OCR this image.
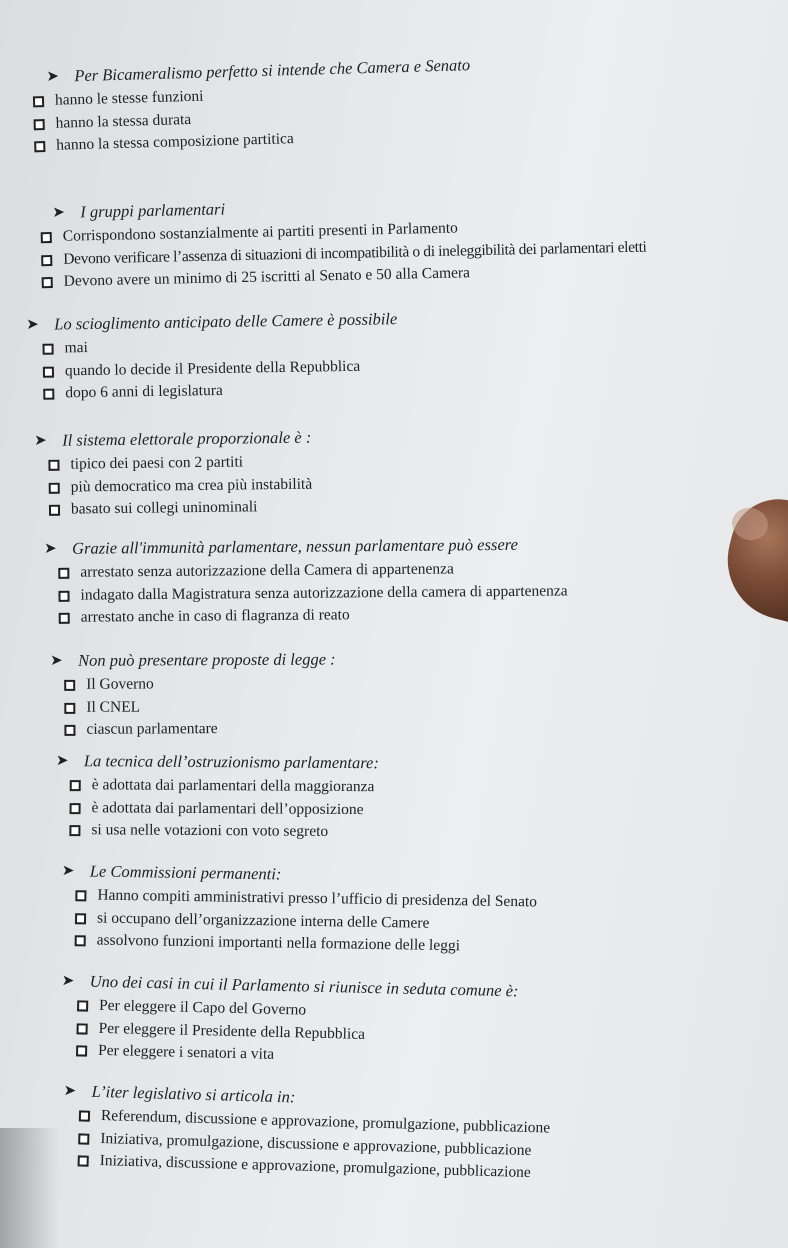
➤ Per Bicameralismo perfetto si intende che Camera e Senato
hanno le stesse funzioni
hanno la stessa durata
hanno la stessa composizione partitica
➤ I gruppi parlamentari
Corrispondono sostanzialmente ai partiti presenti in Parlamento
Devono verificare l’assenza di situazioni di incompatibilità o di ineleggibilità dei parlamentari eletti
Devono avere un minimo di 25 iscritti al Senato e 50 alla Camera
➤ Lo scioglimento anticipato delle Camere è possibile
mai
quando lo decide il Presidente della Repubblica
dopo 6 anni di legislatura
➤ Il sistema elettorale proporzionale è :
tipico dei paesi con 2 partiti
più democratico ma crea più instabilità
basato sui collegi uninominali
➤ Grazie all'immunità parlamentare, nessun parlamentare può essere
arrestato senza autorizzazione della Camera di appartenenza
indagato dalla Magistratura senza autorizzazione della camera di appartenenza
arrestato anche in caso di flagranza di reato
➤ Non può presentare proposte di legge :
Il Governo
Il CNEL
ciascun parlamentare
➤ La tecnica dell’ostruzionismo parlamentare:
è adottata dai parlamentari della maggioranza
è adottata dai parlamentari dell’opposizione
si usa nelle votazioni con voto segreto
➤ Le Commissioni permanenti:
Hanno compiti amministrativi presso l’ufficio di presidenza del Senato
si occupano dell’organizzazione interna delle Camere
assolvono funzioni importanti nella formazione delle leggi
➤ Uno dei casi in cui il Parlamento si riunisce in seduta comune è:
Per eleggere il Capo del Governo
Per eleggere il Presidente della Repubblica
Per eleggere i senatori a vita
➤ L’iter legislativo si articola in:
Referendum, discussione e approvazione, promulgazione, pubblicazione
Iniziativa, promulgazione, discussione e approvazione, pubblicazione
Iniziativa, discussione e approvazione, promulgazione, pubblicazione
